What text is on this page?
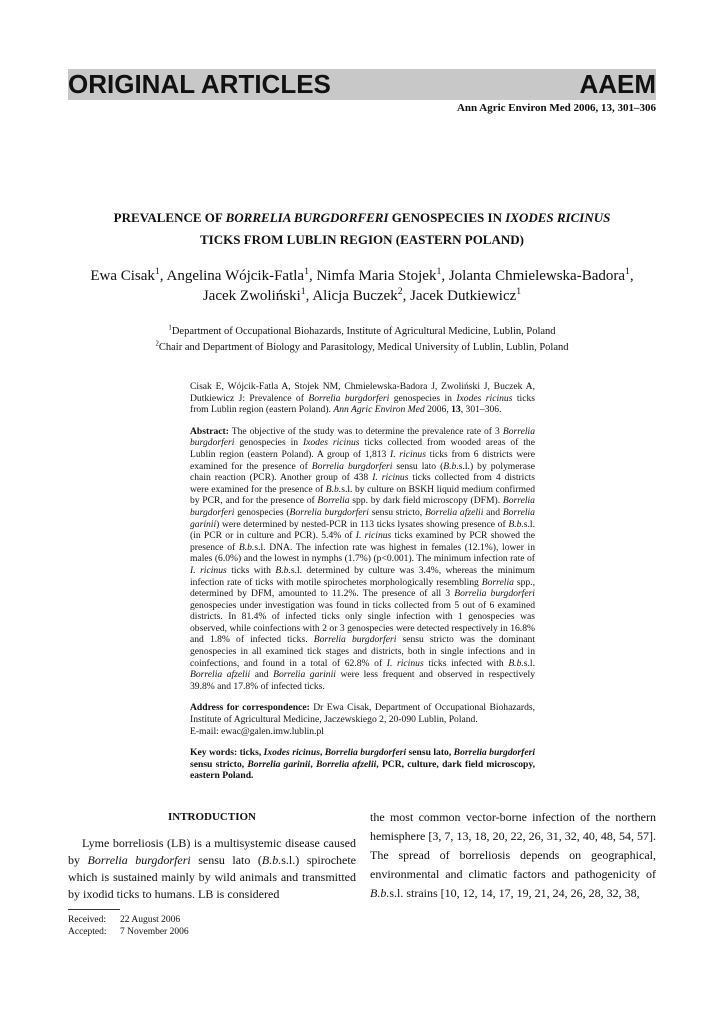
ORIGINAL ARTICLES	AAEM
Ann Agric Environ Med 2006, 13, 301–306
PREVALENCE OF BORRELIA BURGDORFERI GENOSPECIES IN IXODES RICINUS
TICKS FROM LUBLIN REGION (EASTERN POLAND)
Ewa Cisak$^1$, Angelina Wójcik-Fatla$^1$, Nimfa Maria Stojek$^1$, Jolanta Chmielewska-Badora$^1$,
Jacek Zwoliński$^1$, Alicja Buczek$^2$, Jacek Dutkiewicz$^1$
$^1$Department of Occupational Biohazards, Institute of Agricultural Medicine, Lublin, Poland
$^2$Chair and Department of Biology and Parasitology, Medical University of Lublin, Lublin, Poland

Cisak E, Wójcik-Fatla A, Stojek NM, Chmielewska-Badora J, Zwoliński J, Buczek A, Dutkiewicz J: Prevalence of Borrelia burgdorferi genospecies in Ixodes ricinus ticks from Lublin region (eastern Poland). Ann Agric Environ Med 2006, 13, 301–306.

Abstract: The objective of the study was to determine the prevalence rate of 3 Borrelia burgdorferi genospecies in Ixodes ricinus ticks collected from wooded areas of the Lublin region (eastern Poland). A group of 1,813 I. ricinus ticks from 6 districts were examined for the presence of Borrelia burgdorferi sensu lato (B.b.s.l.) by polymerase chain reaction (PCR). Another group of 438 I. ricinus ticks collected from 4 districts were examined for the presence of B.b.s.l. by culture on BSKH liquid medium confirmed by PCR, and for the presence of Borrelia spp. by dark field microscopy (DFM). Borrelia burgdorferi genospecies (Borrelia burgdorferi sensu stricto, Borrelia afzelii and Borrelia garinii) were determined by nested-PCR in 113 ticks lysates showing presence of B.b.s.l. (in PCR or in culture and PCR). 5.4% of I. ricinus ticks examined by PCR showed the presence of B.b.s.l. DNA. The infection rate was highest in females (12.1%), lower in males (6.0%) and the lowest in nymphs (1.7%) (p<0.001). The minimum infection rate of I. ricinus ticks with B.b.s.l. determined by culture was 3.4%, whereas the minimum infection rate of ticks with motile spirochetes morphologically resembling Borrelia spp., determined by DFM, amounted to 11.2%. The presence of all 3 Borrelia burgdorferi genospecies under investigation was found in ticks collected from 5 out of 6 examined districts. In 81.4% of infected ticks only single infection with 1 genospecies was observed, while coinfections with 2 or 3 genospecies were detected respectively in 16.8% and 1.8% of infected ticks. Borrelia burgdorferi sensu stricto was the dominant genospecies in all examined tick stages and districts, both in single infections and in coinfections, and found in a total of 62.8% of I. ricinus ticks infected with B.b.s.l. Borrelia afzelii and Borrelia garinii were less frequent and observed in respectively 39.8% and 17.8% of infected ticks.

Address for correspondence: Dr Ewa Cisak, Department of Occupational Biohazards, Institute of Agricultural Medicine, Jaczewskiego 2, 20-090 Lublin, Poland.
E-mail: ewac@galen.imw.lublin.pl

Key words: ticks, Ixodes ricinus, Borrelia burgdorferi sensu lato, Borrelia burgdorferi sensu stricto, Borrelia garinii, Borrelia afzelii, PCR, culture, dark field microscopy, eastern Poland.

INTRODUCTION

Lyme borreliosis (LB) is a multisystemic disease caused by Borrelia burgdorferi sensu lato (B.b.s.l.) spirochete which is sustained mainly by wild animals and transmitted by ixodid ticks to humans. LB is considered

the most common vector-borne infection of the northern hemisphere [3, 7, 13, 18, 20, 22, 26, 31, 32, 40, 48, 54, 57]. The spread of borreliosis depends on geographical, environmental and climatic factors and pathogenicity of B.b.s.l. strains [10, 12, 14, 17, 19, 21, 24, 26, 28, 32, 38,

Received: 22 August 2006
Accepted: 7 November 2006
